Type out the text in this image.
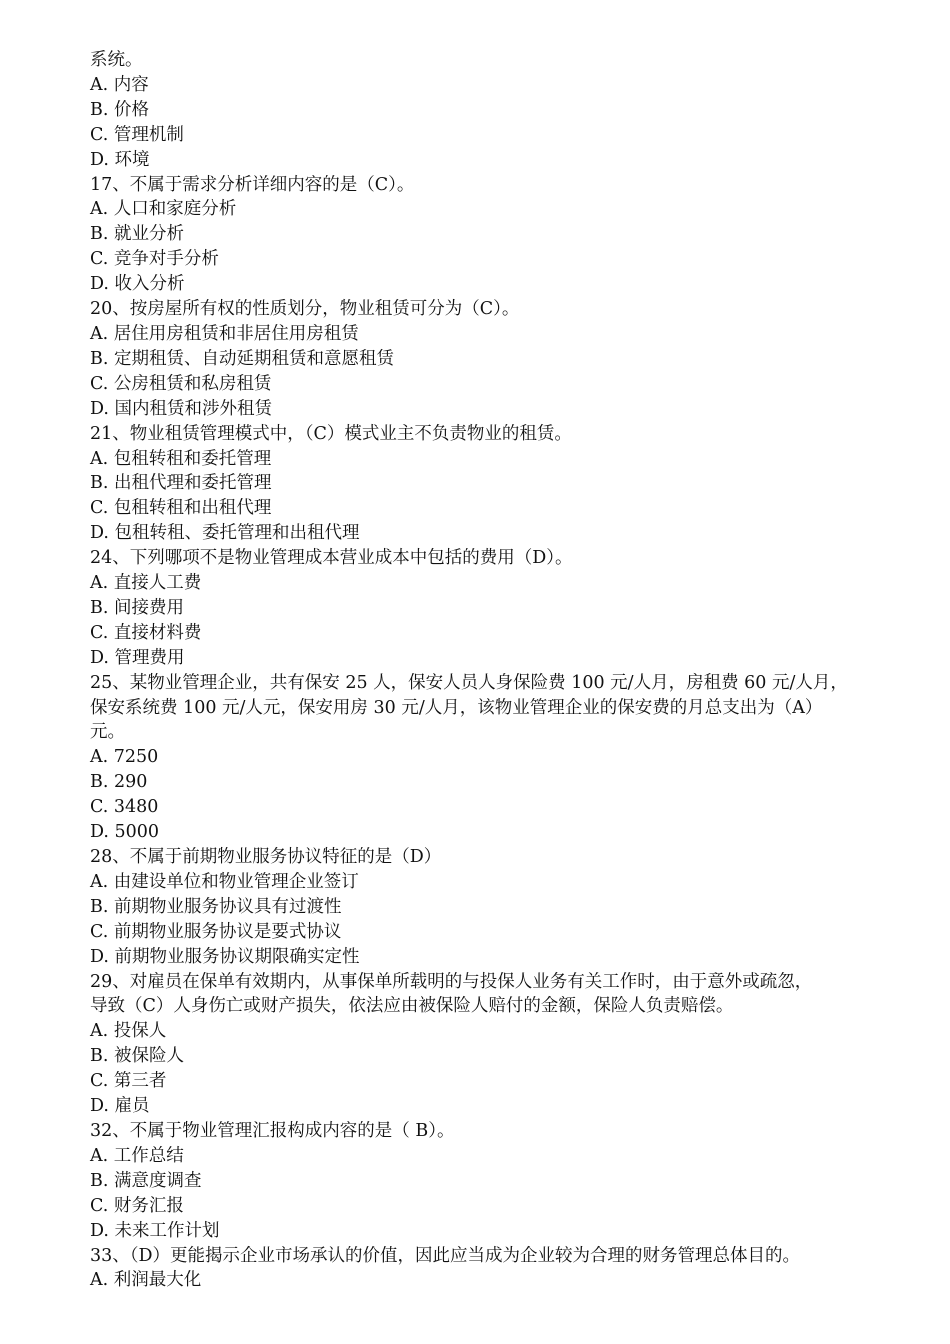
系统。

A. 内容

B. 价格

C. 管理机制

D. 环境

17、不属于需求分析详细内容的是（C）。

A. 人口和家庭分析

B. 就业分析

C. 竞争对手分析

D. 收入分析

20、按房屋所有权的性质划分，物业租赁可分为（C）。

A. 居住用房租赁和非居住用房租赁

B. 定期租赁、自动延期租赁和意愿租赁

C. 公房租赁和私房租赁

D. 国内租赁和涉外租赁

21、物业租赁管理模式中，（C）模式业主不负责物业的租赁。

A. 包租转租和委托管理

B. 出租代理和委托管理

C. 包租转租和出租代理

D. 包租转租、委托管理和出租代理

24、下列哪项不是物业管理成本营业成本中包括的费用（D）。

A. 直接人工费

B. 间接费用

C. 直接材料费

D. 管理费用

25、某物业管理企业，共有保安 25 人，保安人员人身保险费 100 元/人月，房租费 60 元/人月，

保安系统费 100 元/人元，保安用房 30 元/人月，该物业管理企业的保安费的月总支出为（A）

元。

A. 7250

B. 290

C. 3480

D. 5000

28、不属于前期物业服务协议特征的是（D）

A. 由建设单位和物业管理企业签订

B. 前期物业服务协议具有过渡性

C. 前期物业服务协议是要式协议

D. 前期物业服务协议期限确实定性

29、对雇员在保单有效期内，从事保单所载明的与投保人业务有关工作时，由于意外或疏忽，

导致（C）人身伤亡或财产损失，依法应由被保险人赔付的金额，保险人负责赔偿。

A. 投保人

B. 被保险人

C. 第三者

D. 雇员

32、不属于物业管理汇报构成内容的是（ B）。

A. 工作总结

B. 满意度调查

C. 财务汇报

D. 未来工作计划

33、（D）更能揭示企业市场承认的价值，因此应当成为企业较为合理的财务管理总体目的。

A. 利润最大化
